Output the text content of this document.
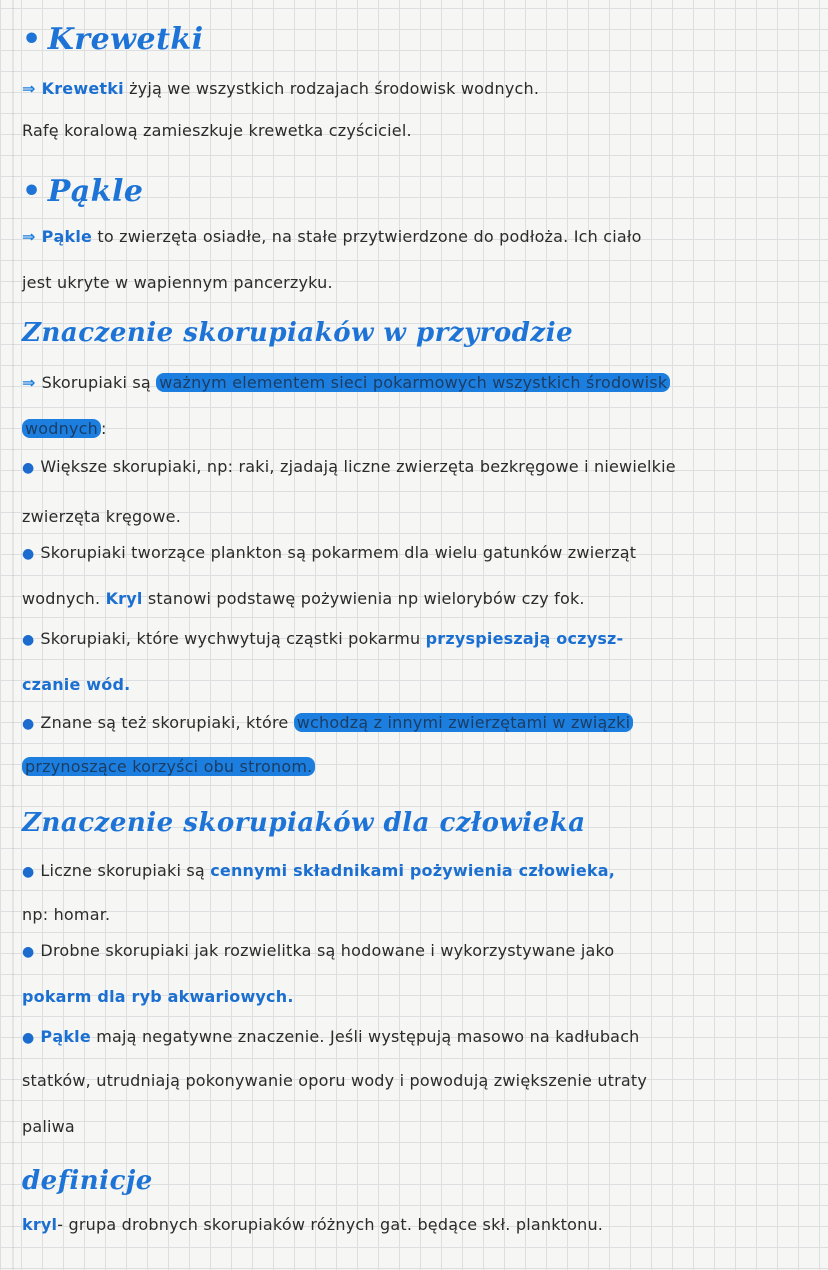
• Krewetki
⇒ Krewetki żyją we wszystkich rodzajach środowisk wodnych.
Rafę koralową zamieszkuje krewetka czyściciel.
• Pąkle
⇒ Pąkle to zwierzęta osiadłe, na stałe przytwierdzone do podłoża. Ich ciało
jest ukryte w wapiennym pancerzyku.
Znaczenie skorupiaków w przyrodzie
⇒ Skorupiaki są ważnym elementem sieci pokarmowych wszystkich środowisk
wodnych :
● Większe skorupiaki, np: raki, zjadają liczne zwierzęta bezkręgowe i niewielkie
zwierzęta kręgowe.
● Skorupiaki tworzące plankton są pokarmem dla wielu gatunków zwierząt
wodnych. Kryl stanowi podstawę pożywienia np wielorybów czy fok.
● Skorupiaki, które wychwytują cząstki pokarmu przyspieszają oczysz-
czanie wód.
● Znane są też skorupiaki, które wchodzą z innymi zwierzętami w związki
przynoszące korzyści obu stronom.
Znaczenie skorupiaków dla człowieka
● Liczne skorupiaki są cennymi składnikami pożywienia człowieka,
np: homar.
● Drobne skorupiaki jak rozwielitka są hodowane i wykorzystywane jako
pokarm dla ryb akwariowych.
● Pąkle mają negatywne znaczenie. Jeśli występują masowo na kadłubach
statków, utrudniają pokonywanie oporu wody i powodują zwiększenie utraty
paliwa
definicje
kryl- grupa drobnych skorupiaków różnych gat. będące skł. planktonu.
